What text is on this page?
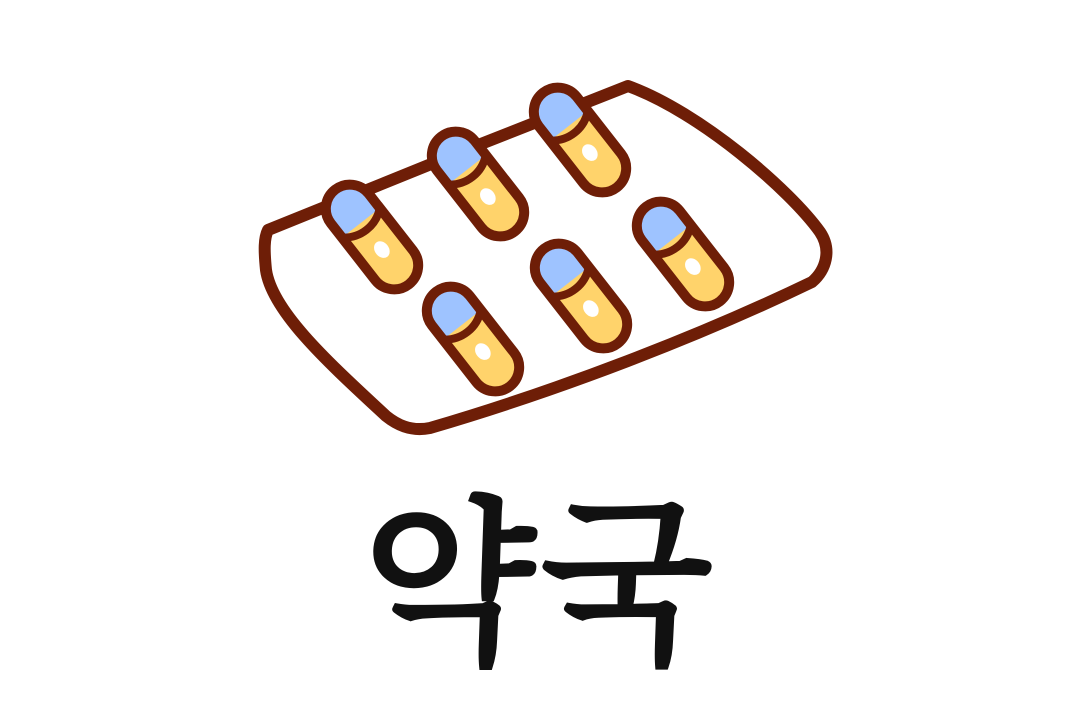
약국
